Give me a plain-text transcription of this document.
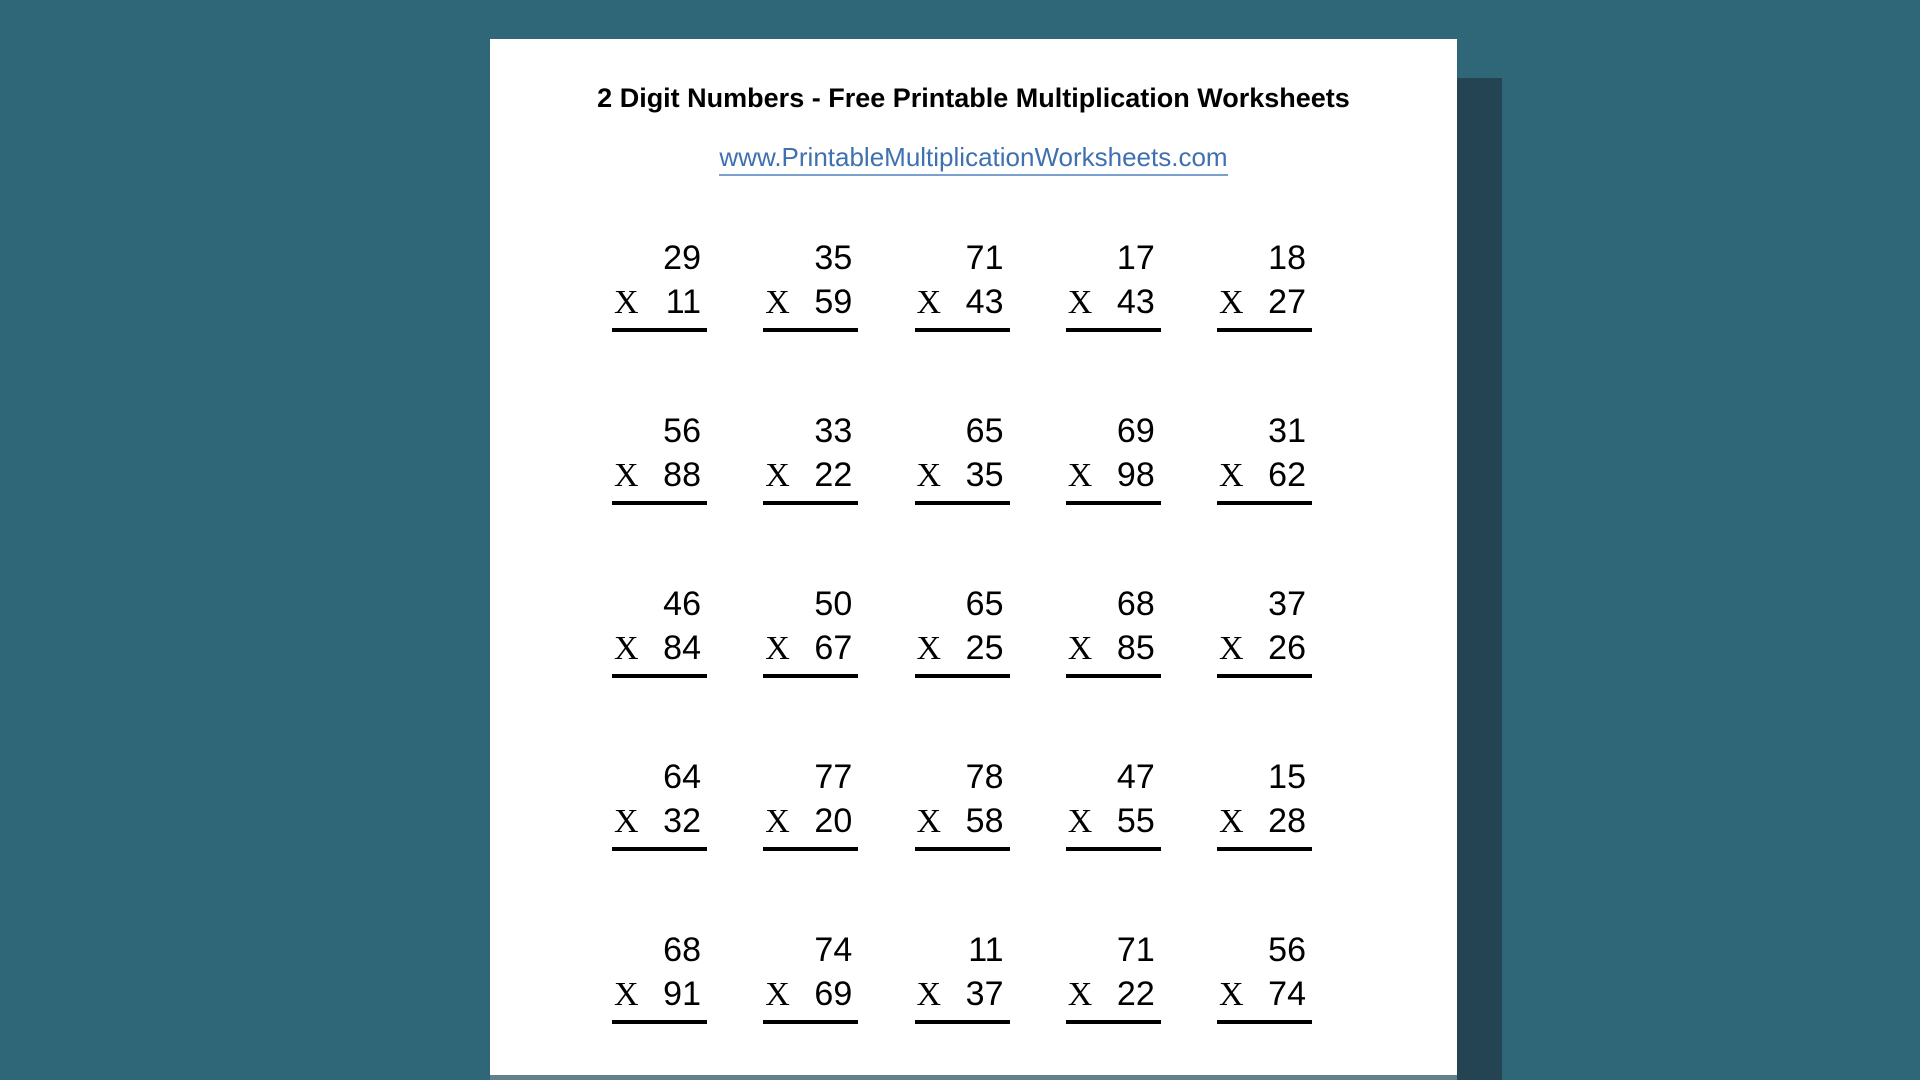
2 Digit Numbers - Free Printable Multiplication Worksheets

www.PrintableMultiplicationWorksheets.com
29
X 11
35
X 59
71
X 43
17
X 43
18
X 27
56
X 88
33
X 22
65
X 35
69
X 98
31
X 62
46
X 84
50
X 67
65
X 25
68
X 85
37
X 26
64
X 32
77
X 20
78
X 58
47
X 55
15
X 28
68
X 91
74
X 69
11
X 37
71
X 22
56
X 74
